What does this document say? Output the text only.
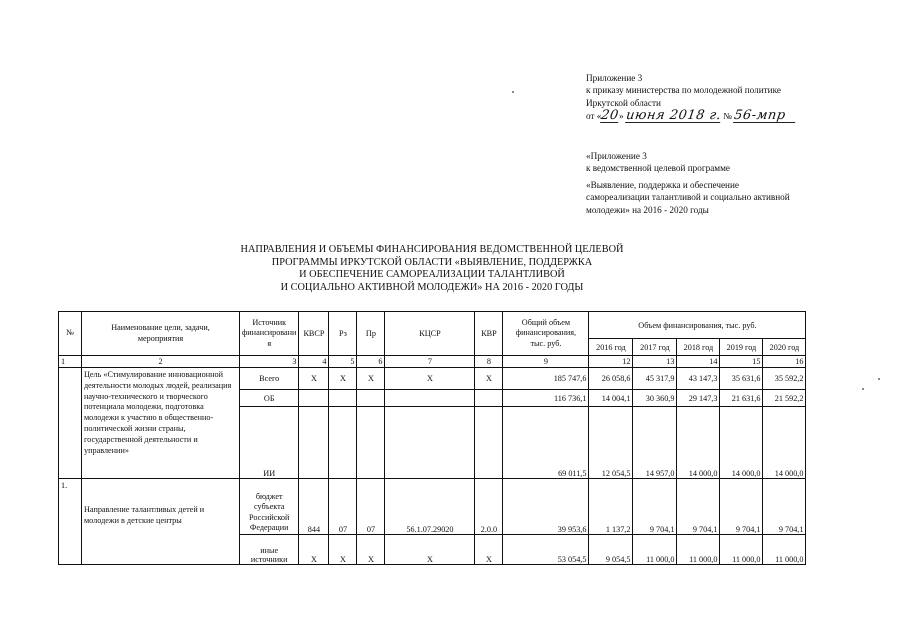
Приложение 3
к приказу министерства по молодежной политике
Иркутской области
от «20» июня 2018 г. № 56-мпр
«Приложение 3
к ведомственной целевой программе
«Выявление, поддержка и обеспечение
самореализации талантливой и социально активной
молодежи» на 2016 - 2020 годы
НАПРАВЛЕНИЯ И ОБЪЕМЫ ФИНАНСИРОВАНИЯ ВЕДОМСТВЕННОЙ ЦЕЛЕВОЙ
ПРОГРАММЫ ИРКУТСКОЙ ОБЛАСТИ «ВЫЯВЛЕНИЕ, ПОДДЕРЖКА
И ОБЕСПЕЧЕНИЕ САМОРЕАЛИЗАЦИИ ТАЛАНТЛИВОЙ
И СОЦИАЛЬНО АКТИВНОЙ МОЛОДЕЖИ» НА 2016 - 2020 ГОДЫ
№	Наименование цели, задачи, мероприятия	Источник финансировани я	КВСР	Рз	Пр	КЦСР	КВР	Общий объем финансирования, тыс. руб.	Объем финансирования, тыс. руб.				
									2016 год	2017 год	2018 год	2019 год	2020 год
1	2	3	4	5	6	7	8	9	12	13	14	15	16
	Цель «Стимулирование инновационной деятельности молодых людей, реализация научно-технического и творческого потенциала молодежи, подготовка молодежи к участию в общественно-политической жизни страны, государственной деятельности и управлении»	Всего	X	X	X	X	X	185 747,6	26 058,6	45 317,9	43 147,3	35 631,6	35 592,2
		ОБ						116 736,1	14 004,1	30 360,9	29 147,3	21 631,6	21 592,2
		ИИ						69 011,5	12 054,5	14 957,0	14 000,0	14 000,0	14 000,0
1.	Направление талантливых детей и молодежи в детские центры	бюджет субъекта Российской Федерации	844	07	07	56.1.07.29020	2.0.0	39 953,6	1 137,2	9 704,1	9 704,1	9 704,1	9 704,1
		иные источники	X	X	X	X	X	53 054,5	9 054,5	11 000,0	11 000,0	11 000,0	11 000,0
